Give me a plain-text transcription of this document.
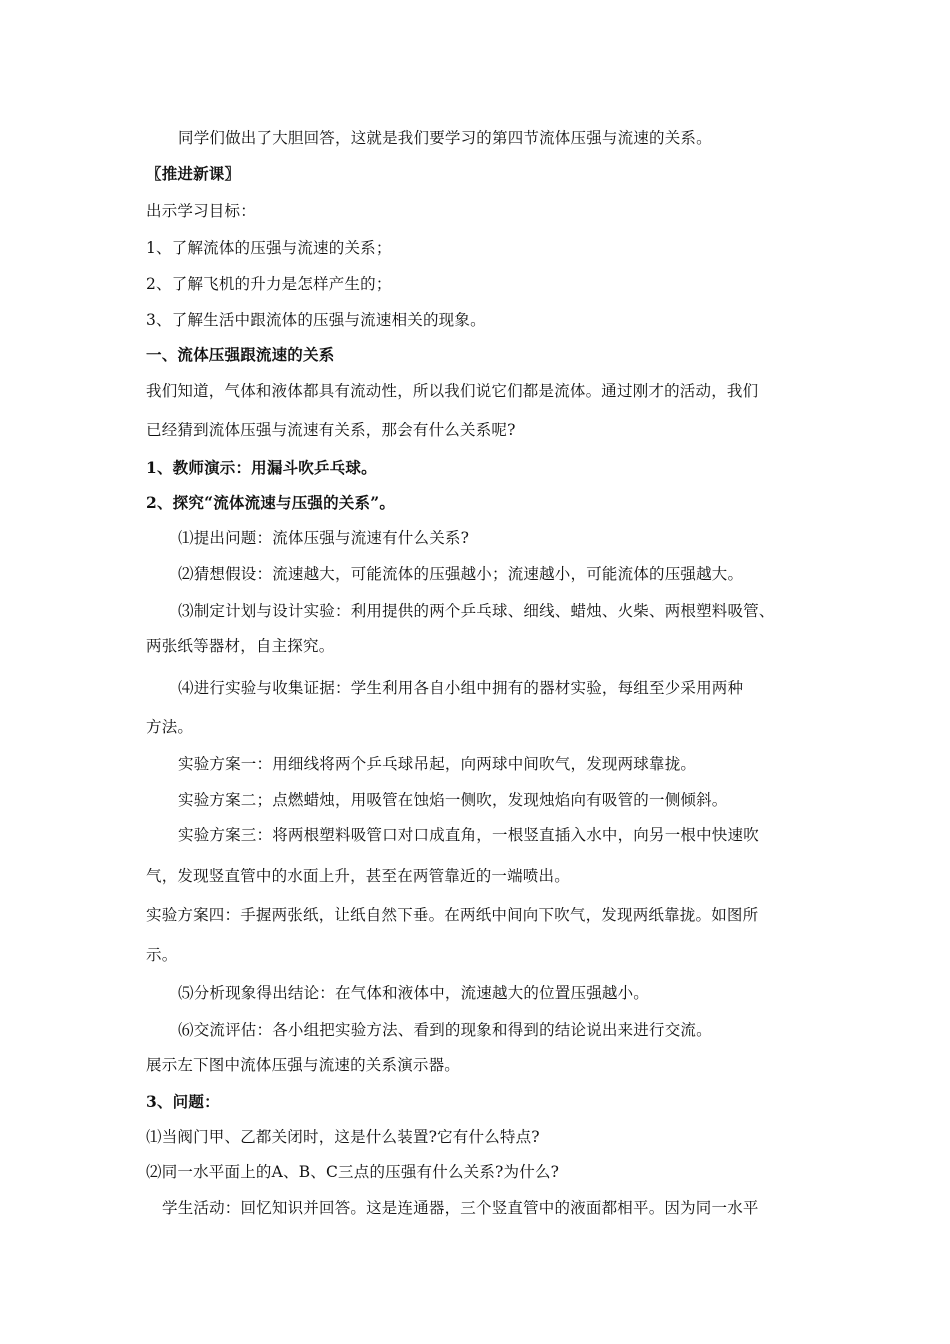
同学们做出了大胆回答，这就是我们要学习的第四节流体压强与流速的关系。
〖推进新课〗
出示学习目标：
1、了解流体的压强与流速的关系；
2、了解飞机的升力是怎样产生的；
3、了解生活中跟流体的压强与流速相关的现象。
一、流体压强跟流速的关系
我们知道，气体和液体都具有流动性，所以我们说它们都是流体。通过刚才的活动，我们
已经猜到流体压强与流速有关系，那会有什么关系呢?
1、教师演示：用漏斗吹乒乓球。
2、探究“流体流速与压强的关系”。
⑴提出问题：流体压强与流速有什么关系?
⑵猜想假设：流速越大，可能流体的压强越小；流速越小，可能流体的压强越大。
⑶制定计划与设计实验：利用提供的两个乒乓球、细线、蜡烛、火柴、两根塑料吸管、
两张纸等器材，自主探究。
⑷进行实验与收集证据：学生利用各自小组中拥有的器材实验，每组至少采用两种
方法。
实验方案一：用细线将两个乒乓球吊起，向两球中间吹气，发现两球靠拢。
实验方案二；点燃蜡烛，用吸管在蚀焰一侧吹，发现烛焰向有吸管的一侧倾斜。
实验方案三：将两根塑料吸管口对口成直角，一根竖直插入水中，向另一根中快速吹
气，发现竖直管中的水面上升，甚至在两管靠近的一端喷出。
实验方案四：手握两张纸，让纸自然下垂。在两纸中间向下吹气，发现两纸靠拢。如图所
示。
⑸分析现象得出结论：在气体和液体中，流速越大的位置压强越小。
⑹交流评估：各小组把实验方法、看到的现象和得到的结论说出来进行交流。
展示左下图中流体压强与流速的关系演示器。
3、问题：
⑴当阀门甲、乙都关闭时，这是什么装置?它有什么特点?
⑵同一水平面上的A、B、C三点的压强有什么关系?为什么?
学生活动：回忆知识并回答。这是连通器，三个竖直管中的液面都相平。因为同一水平
